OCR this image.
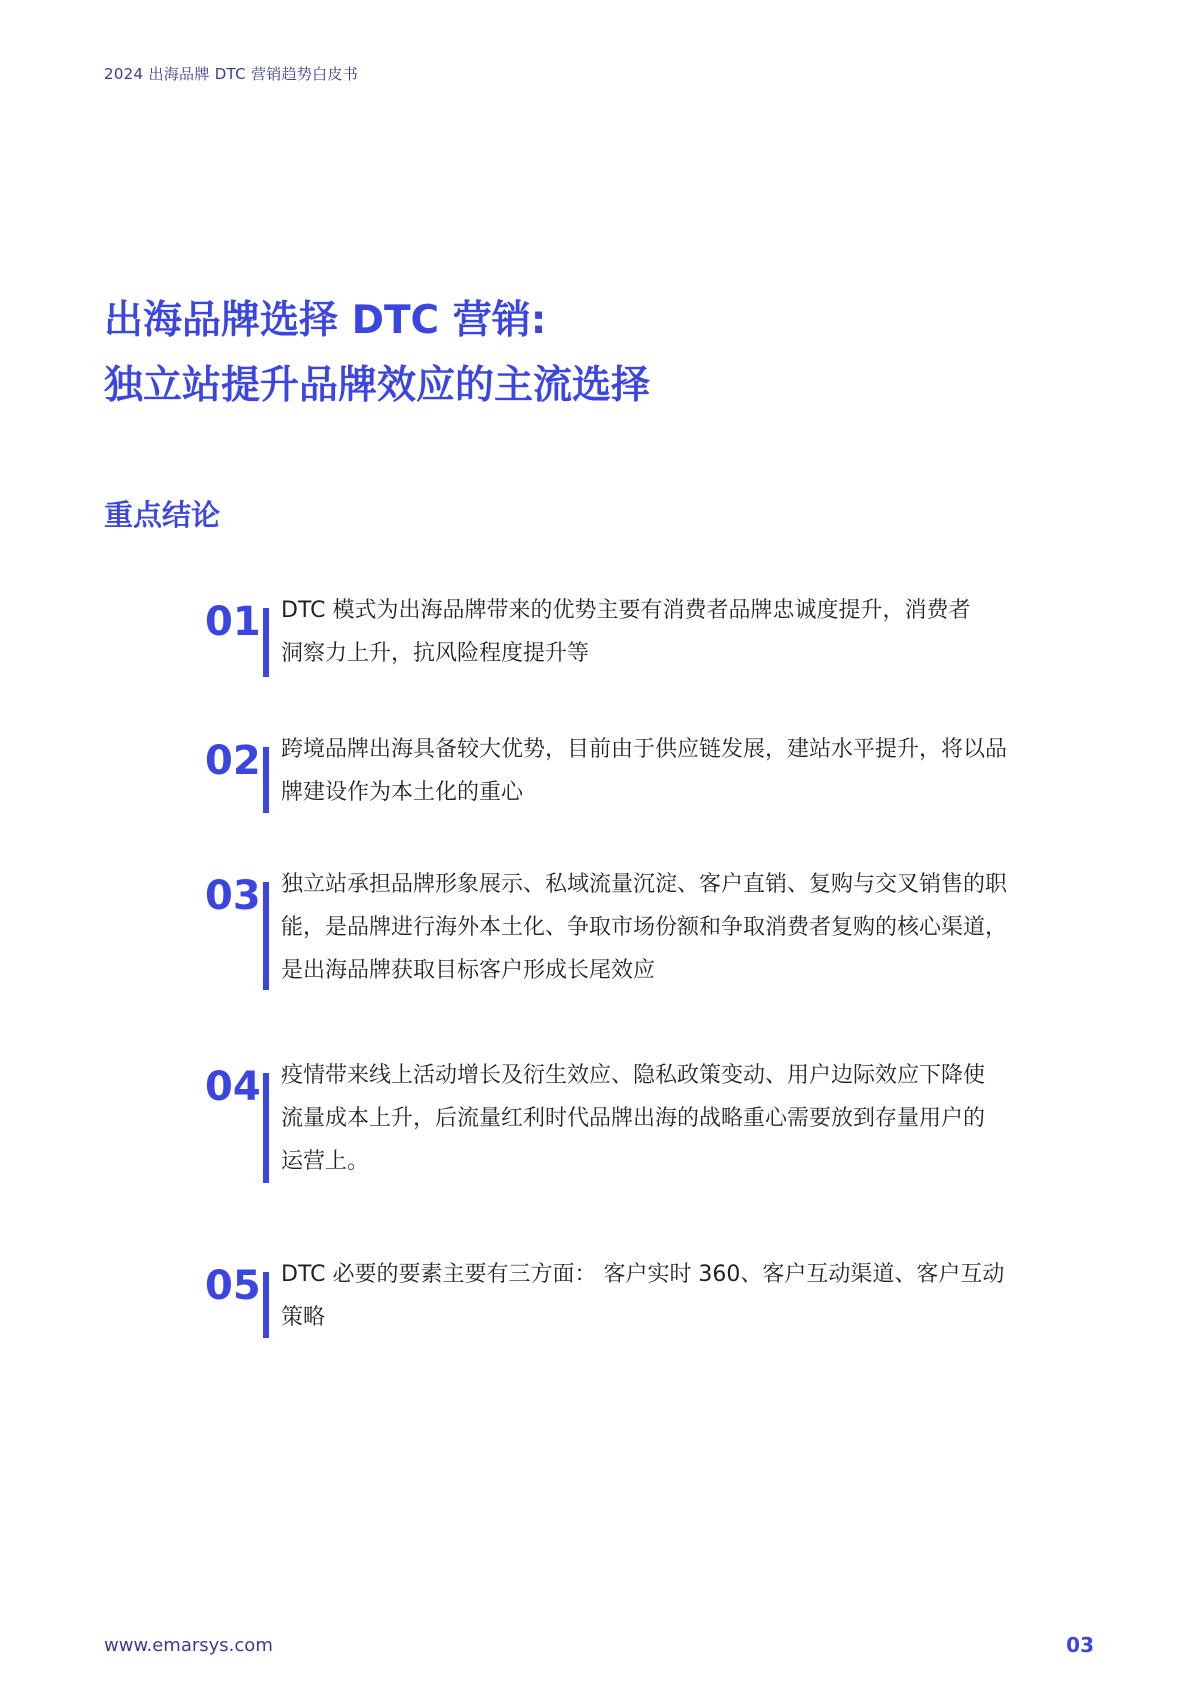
2024 出海品牌 DTC 营销趋势白皮书
出海品牌选择 DTC 营销:
独立站提升品牌效应的主流选择
重点结论
01 DTC 模式为出海品牌带来的优势主要有消费者品牌忠诚度提升，消费者
洞察力上升，抗风险程度提升等

02 跨境品牌出海具备较大优势，目前由于供应链发展，建站水平提升，将以品
牌建设作为本土化的重心

03 独立站承担品牌形象展示、私域流量沉淀、客户直销、复购与交叉销售的职
能，是品牌进行海外本土化、争取市场份额和争取消费者复购的核心渠道，
是出海品牌获取目标客户形成长尾效应

04 疫情带来线上活动增长及衍生效应、隐私政策变动、用户边际效应下降使
流量成本上升，后流量红利时代品牌出海的战略重心需要放到存量用户的
运营上。

05 DTC 必要的要素主要有三方面： 客户实时 360、客户互动渠道、客户互动
策略

www.emarsys.com	03
